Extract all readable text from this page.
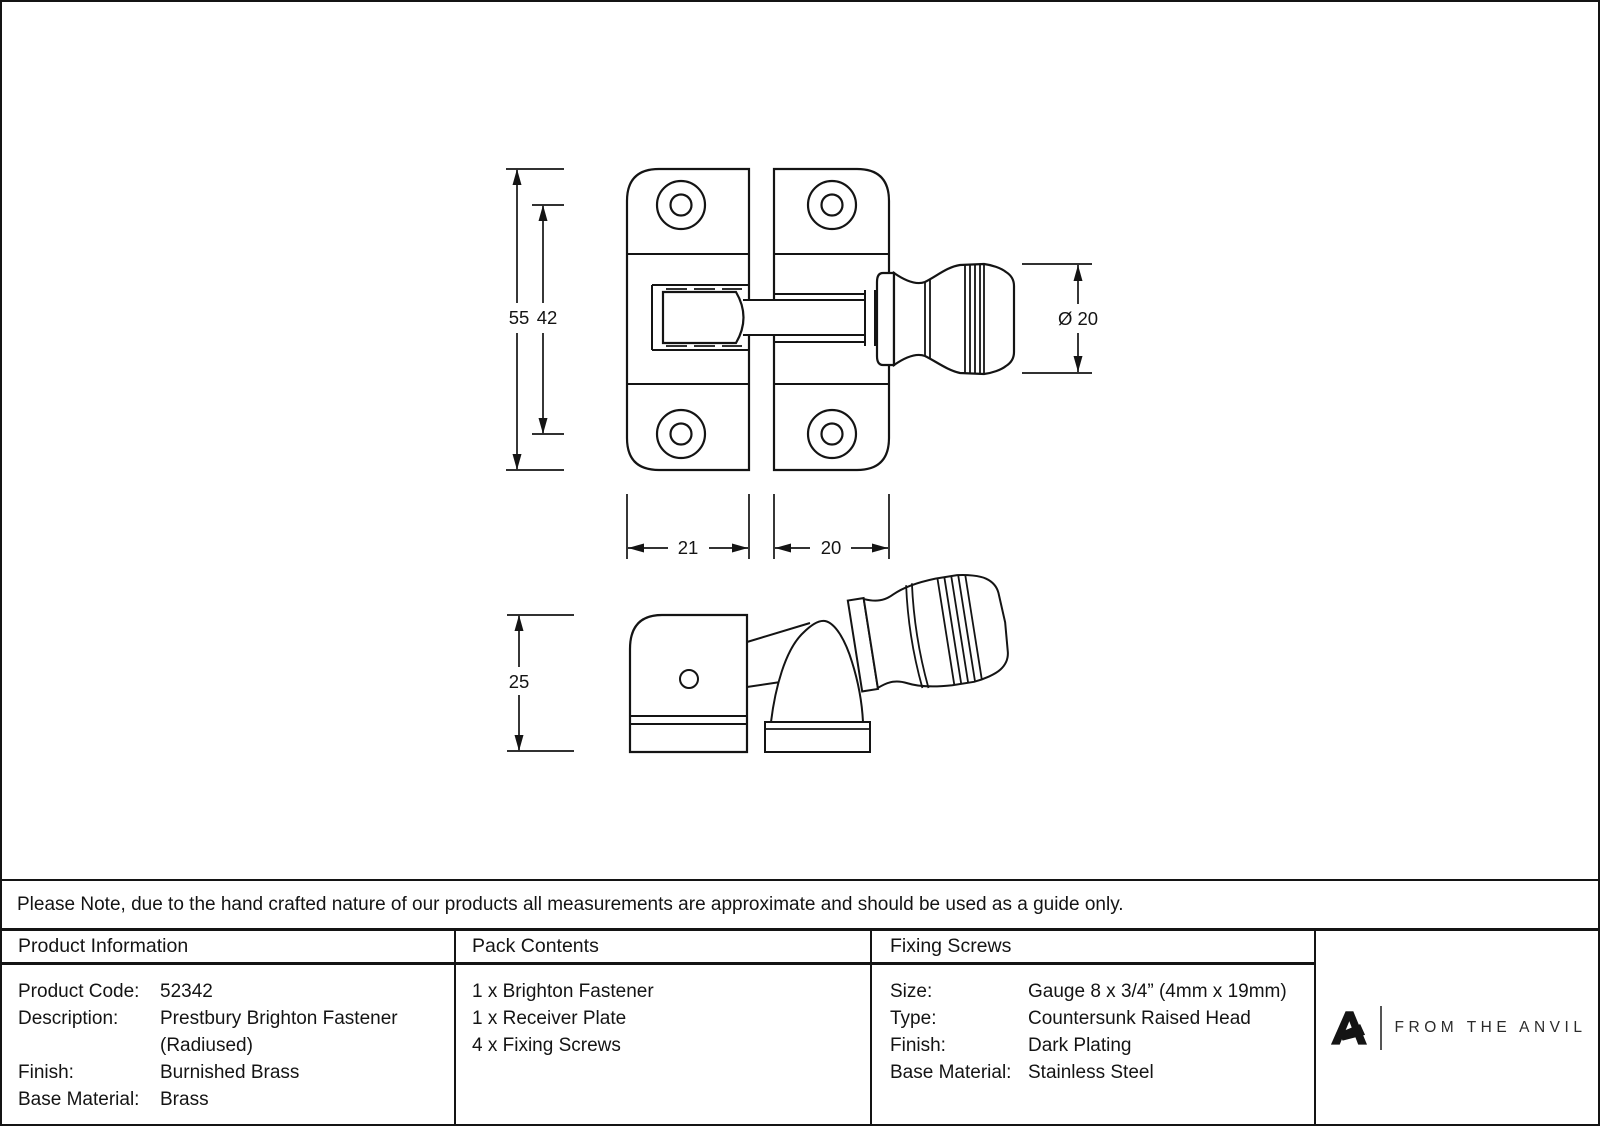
55 42	Ø 20
21	20
25
Please Note, due to the hand crafted nature of our products all measurements are approximate and should be used as a guide only.
Product Information
Product Code:	52342
Description:	Prestbury Brighton Fastener (Radiused)
Finish:	Burnished Brass
Base Material:	Brass
Pack Contents
1 x Brighton Fastener
1 x Receiver Plate
4 x Fixing Screws
Fixing Screws
Size:	Gauge 8 x 3/4” (4mm x 19mm)
Type:	Countersunk Raised Head
Finish:	Dark Plating
Base Material: Stainless Steel
FROM THE ANVIL
